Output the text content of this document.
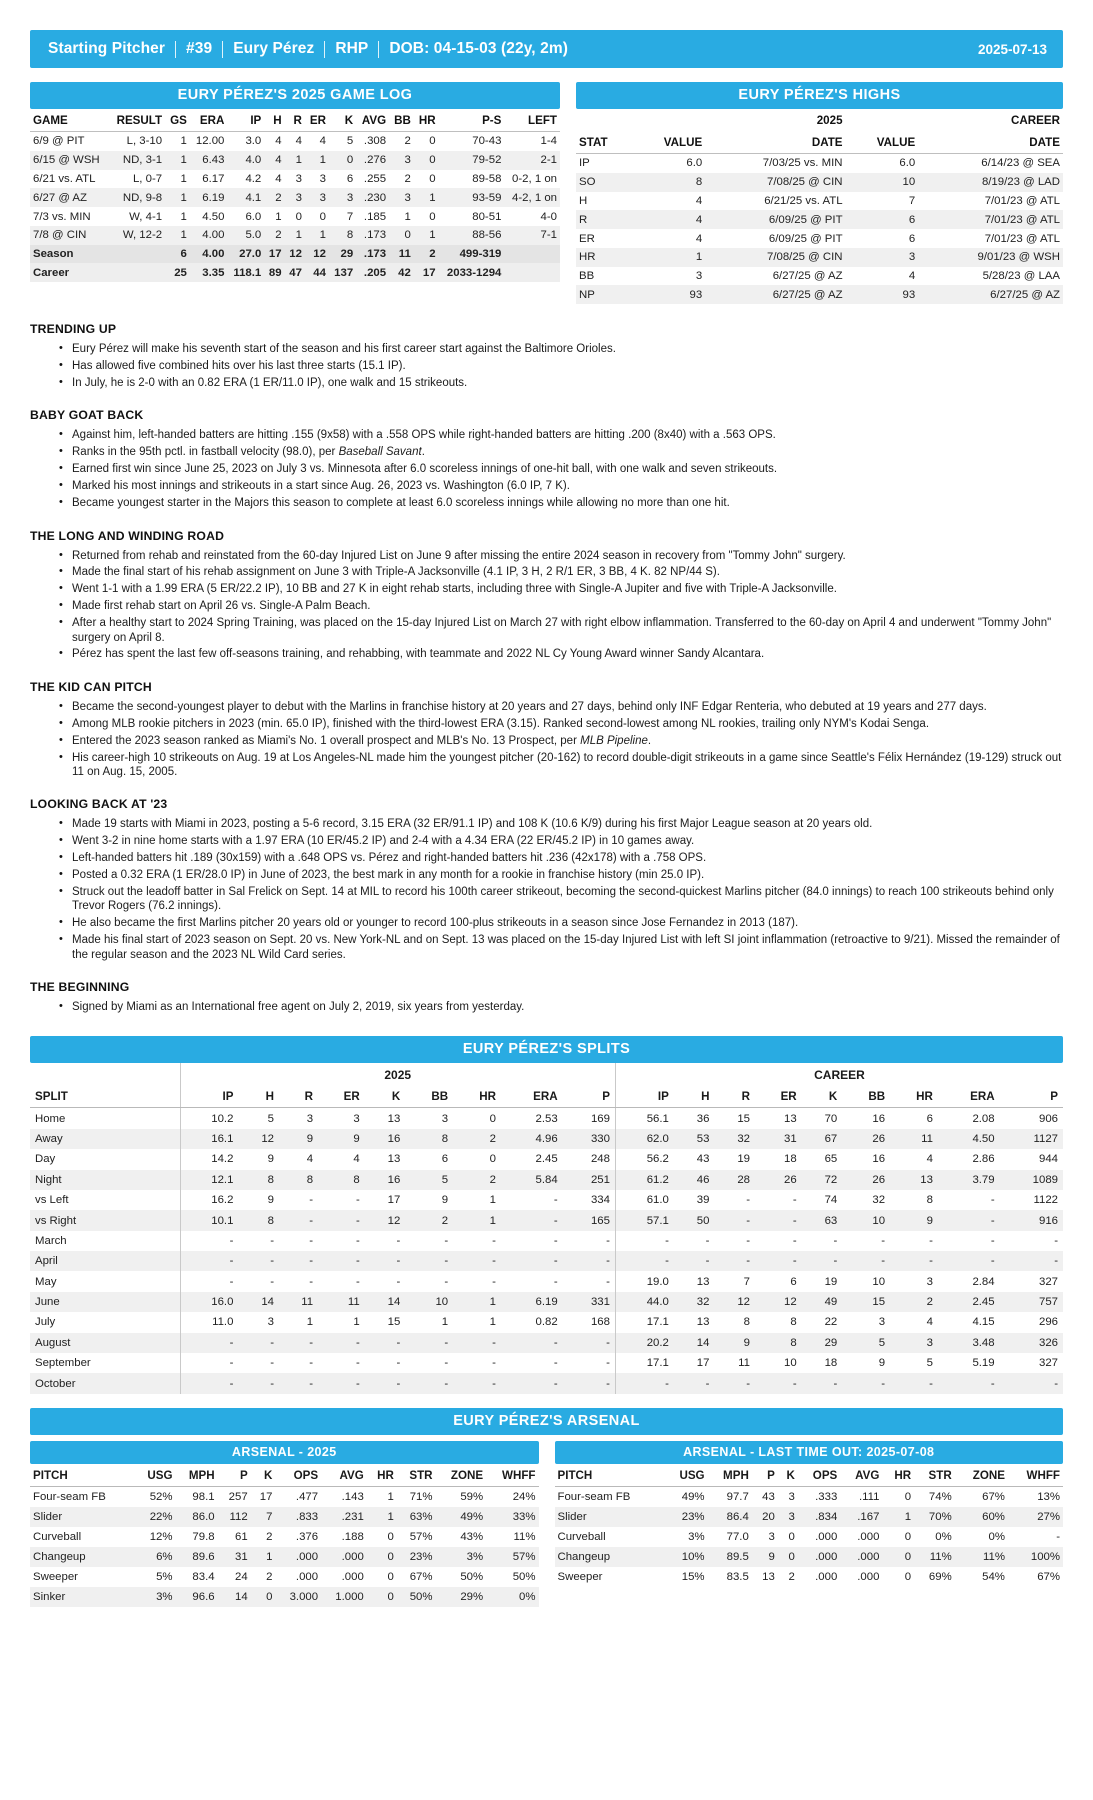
Starting Pitcher	#39	Eury Pérez	RHP	DOB: 04-15-03 (22y, 2m)	2025-07-13
EURY PÉREZ'S 2025 GAME LOG
GAME	RESULT	GS	ERA	IP	H	R	ER	K	AVG	BB	HR	P-S	LEFT
6/9 @ PIT	L, 3-10	1	12.00	3.0	4	4	4	5	.308	2	0	70-43	1-4
6/15 @ WSH	ND, 3-1	1	6.43	4.0	4	1	1	0	.276	3	0	79-52	2-1
6/21 vs. ATL	L, 0-7	1	6.17	4.2	4	3	3	6	.255	2	0	89-58	0-2, 1 on
6/27 @ AZ	ND, 9-8	1	6.19	4.1	2	3	3	3	.230	3	1	93-59	4-2, 1 on
7/3 vs. MIN	W, 4-1	1	4.50	6.0	1	0	0	7	.185	1	0	80-51	4-0
7/8 @ CIN	W, 12-2	1	4.00	5.0	2	1	1	8	.173	0	1	88-56	7-1
Season		6	4.00	27.0	17	12	12	29	.173	11	2	499-319	
Career		25	3.35	118.1	89	47	44	137	.205	42	17	2033-1294	
EURY PÉREZ'S HIGHS
	2025		CAREER	
STAT	VALUE	DATE	VALUE	DATE
IP	6.0	7/03/25 vs. MIN	6.0	6/14/23 @ SEA
SO	8	7/08/25 @ CIN	10	8/19/23 @ LAD
H	4	6/21/25 vs. ATL	7	7/01/23 @ ATL
R	4	6/09/25 @ PIT	6	7/01/23 @ ATL
ER	4	6/09/25 @ PIT	6	7/01/23 @ ATL
HR	1	7/08/25 @ CIN	3	9/01/23 @ WSH
BB	3	6/27/25 @ AZ	4	5/28/23 @ LAA
NP	93	6/27/25 @ AZ	93	6/27/25 @ AZ
TRENDING UP
• Eury Pérez will make his seventh start of the season and his first career start against the Baltimore Orioles.
• Has allowed five combined hits over his last three starts (15.1 IP).
• In July, he is 2-0 with an 0.82 ERA (1 ER/11.0 IP), one walk and 15 strikeouts.
BABY GOAT BACK
• Against him, left-handed batters are hitting .155 (9x58) with a .558 OPS while right-handed batters are hitting .200 (8x40) with a .563 OPS.
• Ranks in the 95th pctl. in fastball velocity (98.0), per Baseball Savant.
• Earned first win since June 25, 2023 on July 3 vs. Minnesota after 6.0 scoreless innings of one-hit ball, with one walk and seven strikeouts.
• Marked his most innings and strikeouts in a start since Aug. 26, 2023 vs. Washington (6.0 IP, 7 K).
• Became youngest starter in the Majors this season to complete at least 6.0 scoreless innings while allowing no more than one hit.
THE LONG AND WINDING ROAD
• Returned from rehab and reinstated from the 60-day Injured List on June 9 after missing the entire 2024 season in recovery from "Tommy John" surgery.
• Made the final start of his rehab assignment on June 3 with Triple-A Jacksonville (4.1 IP, 3 H, 2 R/1 ER, 3 BB, 4 K. 82 NP/44 S).
• Went 1-1 with a 1.99 ERA (5 ER/22.2 IP), 10 BB and 27 K in eight rehab starts, including three with Single-A Jupiter and five with Triple-A Jacksonville.
• Made first rehab start on April 26 vs. Single-A Palm Beach.
• After a healthy start to 2024 Spring Training, was placed on the 15-day Injured List on March 27 with right elbow inflammation. Transferred to the 60-day on April 4 and underwent "Tommy John" surgery on April 8.
• Pérez has spent the last few off-seasons training, and rehabbing, with teammate and 2022 NL Cy Young Award winner Sandy Alcantara.
THE KID CAN PITCH
• Became the second-youngest player to debut with the Marlins in franchise history at 20 years and 27 days, behind only INF Edgar Renteria, who debuted at 19 years and 277 days.
• Among MLB rookie pitchers in 2023 (min. 65.0 IP), finished with the third-lowest ERA (3.15). Ranked second-lowest among NL rookies, trailing only NYM's Kodai Senga.
• Entered the 2023 season ranked as Miami's No. 1 overall prospect and MLB's No. 13 Prospect, per MLB Pipeline.
• His career-high 10 strikeouts on Aug. 19 at Los Angeles-NL made him the youngest pitcher (20-162) to record double-digit strikeouts in a game since Seattle's Félix Hernández (19-129) struck out 11 on Aug. 15, 2005.
LOOKING BACK AT '23
• Made 19 starts with Miami in 2023, posting a 5-6 record, 3.15 ERA (32 ER/91.1 IP) and 108 K (10.6 K/9) during his first Major League season at 20 years old.
• Went 3-2 in nine home starts with a 1.97 ERA (10 ER/45.2 IP) and 2-4 with a 4.34 ERA (22 ER/45.2 IP) in 10 games away.
• Left-handed batters hit .189 (30x159) with a .648 OPS vs. Pérez and right-handed batters hit .236 (42x178) with a .758 OPS.
• Posted a 0.32 ERA (1 ER/28.0 IP) in June of 2023, the best mark in any month for a rookie in franchise history (min 25.0 IP).
• Struck out the leadoff batter in Sal Frelick on Sept. 14 at MIL to record his 100th career strikeout, becoming the second-quickest Marlins pitcher (84.0 innings) to reach 100 strikeouts behind only Trevor Rogers (76.2 innings).
• He also became the first Marlins pitcher 20 years old or younger to record 100-plus strikeouts in a season since Jose Fernandez in 2013 (187).
• Made his final start of 2023 season on Sept. 20 vs. New York-NL and on Sept. 13 was placed on the 15-day Injured List with left SI joint inflammation (retroactive to 9/21). Missed the remainder of the regular season and the 2023 NL Wild Card series.
THE BEGINNING
• Signed by Miami as an International free agent on July 2, 2019, six years from yesterday.
EURY PÉREZ'S SPLITS
	2025									CAREER								
SPLIT	IP	H	R	ER	K	BB	HR	ERA	P	IP	H	R	ER	K	BB	HR	ERA	P
Home	10.2	5	3	3	13	3	0	2.53	169	56.1	36	15	13	70	16	6	2.08	906
Away	16.1	12	9	9	16	8	2	4.96	330	62.0	53	32	31	67	26	11	4.50	1127
Day	14.2	9	4	4	13	6	0	2.45	248	56.2	43	19	18	65	16	4	2.86	944
Night	12.1	8	8	8	16	5	2	5.84	251	61.2	46	28	26	72	26	13	3.79	1089
vs Left	16.2	9	-	-	17	9	1	-	334	61.0	39	-	-	74	32	8	-	1122
vs Right	10.1	8	-	-	12	2	1	-	165	57.1	50	-	-	63	10	9	-	916
March	-	-	-	-	-	-	-	-	-	-	-	-	-	-	-	-	-	-
April	-	-	-	-	-	-	-	-	-	-	-	-	-	-	-	-	-	-
May	-	-	-	-	-	-	-	-	-	19.0	13	7	6	19	10	3	2.84	327
June	16.0	14	11	11	14	10	1	6.19	331	44.0	32	12	12	49	15	2	2.45	757
July	11.0	3	1	1	15	1	1	0.82	168	17.1	13	8	8	22	3	4	4.15	296
August	-	-	-	-	-	-	-	-	-	20.2	14	9	8	29	5	3	3.48	326
September	-	-	-	-	-	-	-	-	-	17.1	17	11	10	18	9	5	5.19	327
October	-	-	-	-	-	-	-	-	-	-	-	-	-	-	-	-	-	-
EURY PÉREZ'S ARSENAL
ARSENAL - 2025
PITCH	USG	MPH	P	K	OPS	AVG	HR	STR	ZONE	WHFF
Four-seam FB	52%	98.1	257	17	.477	.143	1	71%	59%	24%
Slider	22%	86.0	112	7	.833	.231	1	63%	49%	33%
Curveball	12%	79.8	61	2	.376	.188	0	57%	43%	11%
Changeup	6%	89.6	31	1	.000	.000	0	23%	3%	57%
Sweeper	5%	83.4	24	2	.000	.000	0	67%	50%	50%
Sinker	3%	96.6	14	0	3.000	1.000	0	50%	29%	0%
ARSENAL - LAST TIME OUT: 2025-07-08
PITCH	USG	MPH	P	K	OPS	AVG	HR	STR	ZONE	WHFF
Four-seam FB	49%	97.7	43	3	.333	.111	0	74%	67%	13%
Slider	23%	86.4	20	3	.834	.167	1	70%	60%	27%
Curveball	3%	77.0	3	0	.000	.000	0	0%	0%	-
Changeup	10%	89.5	9	0	.000	.000	0	11%	11%	100%
Sweeper	15%	83.5	13	2	.000	.000	0	69%	54%	67%
